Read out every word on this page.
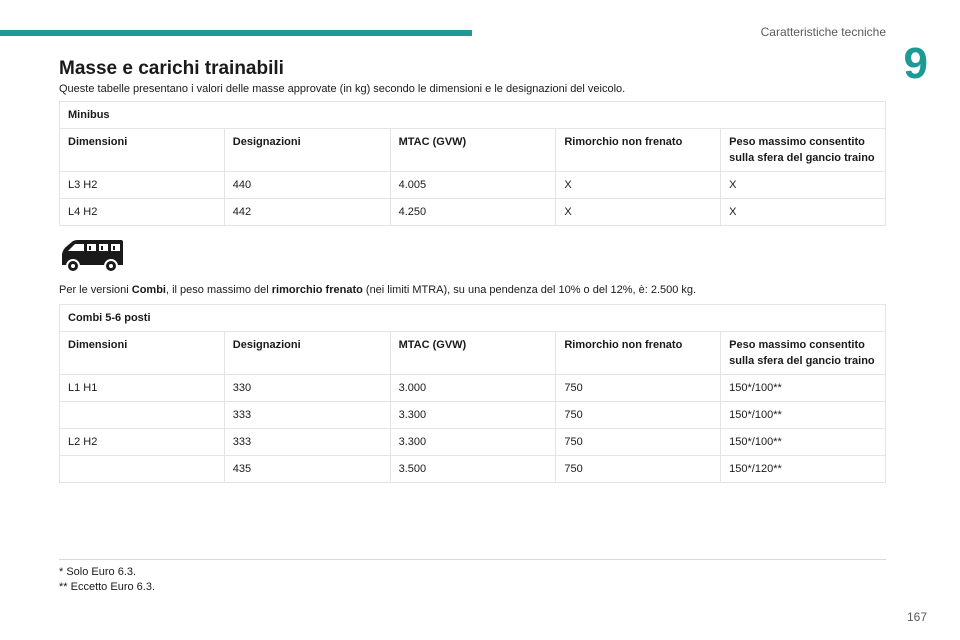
Caratteristiche tecniche
9
Masse e carichi trainabili

Queste tabelle presentano i valori delle masse approvate (in kg) secondo le dimensioni e le designazioni del veicolo.

Minibus				
Dimensioni	Designazioni	MTAC (GVW)	Rimorchio non frenato	Peso massimo consentito sulla sfera del gancio traino
L3 H2	440	4.005	X	X
L4 H2	442	4.250	X	X

Per le versioni Combi, il peso massimo del rimorchio frenato (nei limiti MTRA), su una pendenza del 10% o del 12%, è: 2.500 kg.

Combi 5-6 posti				
Dimensioni	Designazioni	MTAC (GVW)	Rimorchio non frenato	Peso massimo consentito sulla sfera del gancio traino
L1 H1	330	3.000	750	150*/100**
	333	3.300	750	150*/100**
L2 H2	333	3.300	750	150*/100**
	435	3.500	750	150*/120**
* Solo Euro 6.3.
** Eccetto Euro 6.3.
167
